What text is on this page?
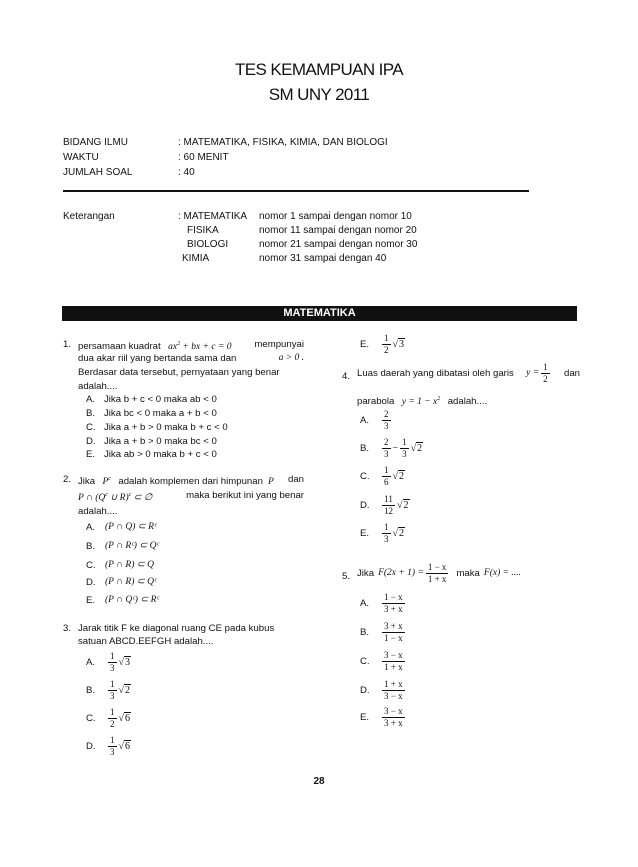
TES KEMAMPUAN IPA
SM UNY 2011
BIDANG ILMU	: MATEMATIKA, FISIKA, KIMIA, DAN BIOLOGI
WAKTU	: 60 MENIT
JUMLAH SOAL	: 40
Keterangan	: MATEMATIKA nomor 1 sampai dengan nomor 10
FISIKA	nomor 11 sampai dengan nomor 20
BIOLOGI	nomor 21 sampai dengan nomor 30
KIMIA	nomor 31 sampai dengan 40
MATEMATIKA
1. persamaan kuadrat   $ax^2$ + bx + c = 0 mempunyai
dua akar riil yang bertanda sama dan	a > 0 .
Berdasar data tersebut, pernyataan yang benar
adalah....
A. Jika b + c < 0 maka ab < 0
B. Jika bc < 0 maka a + b < 0
C. Jika a + b > 0 maka b + c < 0
D. Jika a + b > 0 maka bc < 0
E. Jika ab > 0 maka b + c < 0
2. Jika   $P^c$ adalah komplemen dari himpunan  P dan
P ∩ ($Q^c$ ∪ R)$^c$ ⊂ ∅	maka berikut ini yang benar
adalah....
A. (P ∩ Q) ⊂ Rᶜ
B. (P ∩ Rᶜ) ⊂ Qᶜ
C. (P ∩ R) ⊂ Q
D. (P ∩ R) ⊂ Qᶜ
E. (P ∩ Qᶜ) ⊂ Rᶜ
3. Jarak titik F ke diagonal ruang CE pada kubus
satuan ABCD.EEFGH adalah....
A.	$\frac{1}{3} √3$
B.	$\frac{1}{3} √2$
C.	$\frac{1}{2} √6$
D.	$\frac{1}{3} √6$
E.	$\frac{1}{2} √3$
4. Luas daerah yang dibatasi oleh garis $y = \frac{1}{2}$ dan
parabola   $y = 1 - x^2$ adalah....
A.	$\frac{2}{3}$
B.	$\frac{2}{3} - \frac{1}{3} √2$
C.	$\frac{1}{6} √2$
D.	$\frac{11}{12} √2$
E.	$\frac{1}{3} √2$
5. Jika $F(2x + 1) = \frac{1 - x}{1 + x}$ maka F(x) = ....
A.	$\frac{1 - x}{3 + x}$
B.	$\frac{3 + x}{1 - x}$
C.	$\frac{3 - x}{1 + x}$
D.	$\frac{1 + x}{3 - x}$
E.	$\frac{3 - x}{3 + x}$
28
